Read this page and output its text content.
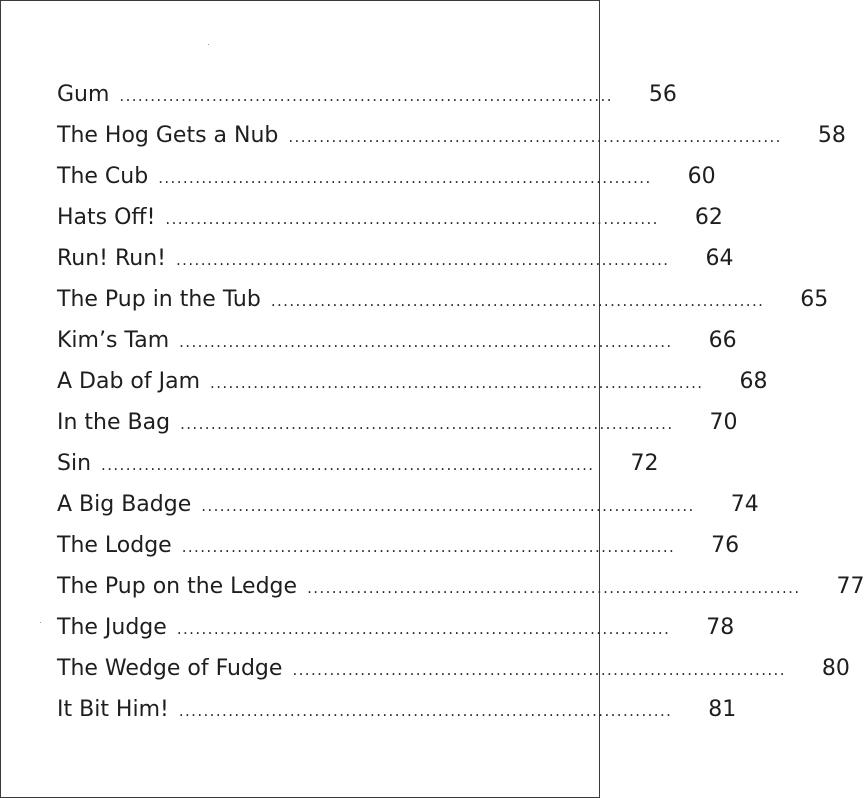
Gum ................................................................................	56
The Hog Gets a Nub ................................................................................	58
The Cub ................................................................................	60
Hats Off! ................................................................................	62
Run! Run! ................................................................................	64
The Pup in the Tub ................................................................................	65
Kim’s Tam ................................................................................	66
A Dab of Jam ................................................................................	68
In the Bag ................................................................................	70
Sin ................................................................................	72
A Big Badge ................................................................................	74
The Lodge ................................................................................	76
The Pup on the Ledge ................................................................................	77
The Judge ................................................................................	78
The Wedge of Fudge ................................................................................	80
It Bit Him! ................................................................................	81
